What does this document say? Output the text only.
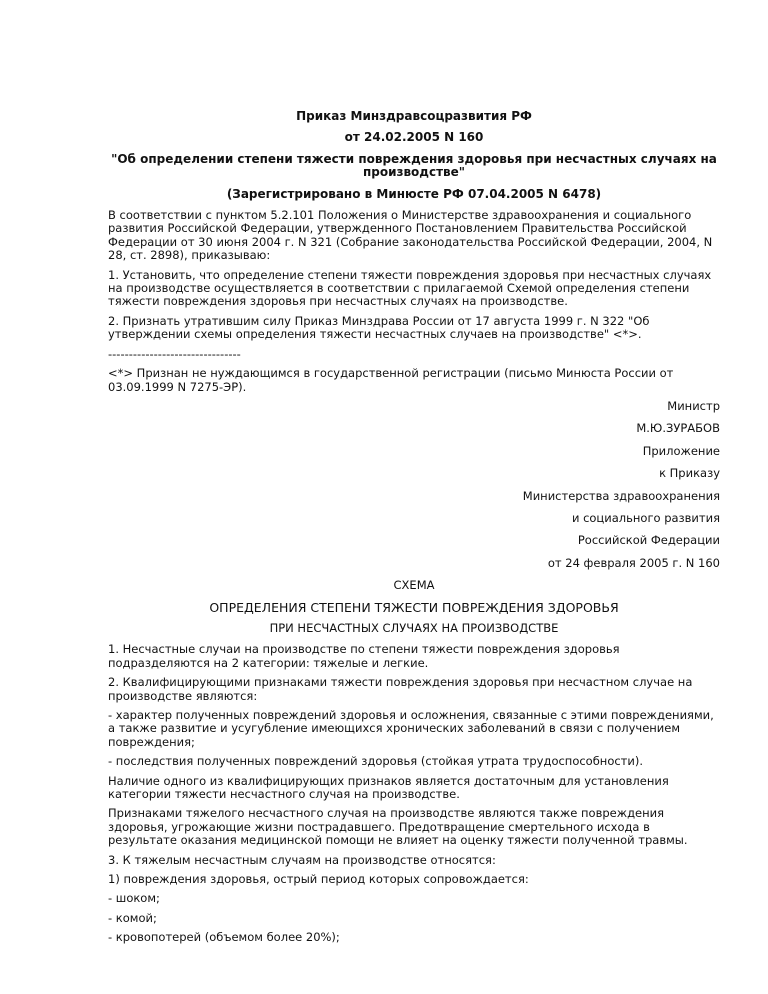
Приказ Минздравсоцразвития РФ

от 24.02.2005 N 160

"Об определении степени тяжести повреждения здоровья при несчастных случаях на производстве"

(Зарегистрировано в Минюсте РФ 07.04.2005 N 6478)

В соответствии с пунктом 5.2.101 Положения о Министерстве здравоохранения и социального развития Российской Федерации, утвержденного Постановлением Правительства Российской Федерации от 30 июня 2004 г. N 321 (Собрание законодательства Российской Федерации, 2004, N 28, ст. 2898), приказываю:

1. Установить, что определение степени тяжести повреждения здоровья при несчастных случаях на производстве осуществляется в соответствии с прилагаемой Схемой определения степени тяжести повреждения здоровья при несчастных случаях на производстве.

2. Признать утратившим силу Приказ Минздрава России от 17 августа 1999 г. N 322 "Об утверждении схемы определения тяжести несчастных случаев на производстве" <*>.

--------------------------------

<*> Признан не нуждающимся в государственной регистрации (письмо Минюста России от 03.09.1999 N 7275-ЭР).

Министр

М.Ю.ЗУРАБОВ

Приложение

к Приказу

Министерства здравоохранения

и социального развития

Российской Федерации

от 24 февраля 2005 г. N 160

СХЕМА

ОПРЕДЕЛЕНИЯ СТЕПЕНИ ТЯЖЕСТИ ПОВРЕЖДЕНИЯ ЗДОРОВЬЯ

ПРИ НЕСЧАСТНЫХ СЛУЧАЯХ НА ПРОИЗВОДСТВЕ

1. Несчастные случаи на производстве по степени тяжести повреждения здоровья подразделяются на 2 категории: тяжелые и легкие.

2. Квалифицирующими признаками тяжести повреждения здоровья при несчастном случае на производстве являются:

- характер полученных повреждений здоровья и осложнения, связанные с этими повреждениями, а также развитие и усугубление имеющихся хронических заболеваний в связи с получением повреждения;

- последствия полученных повреждений здоровья (стойкая утрата трудоспособности).

Наличие одного из квалифицирующих признаков является достаточным для установления категории тяжести несчастного случая на производстве.

Признаками тяжелого несчастного случая на производстве являются также повреждения здоровья, угрожающие жизни пострадавшего. Предотвращение смертельного исхода в результате оказания медицинской помощи не влияет на оценку тяжести полученной травмы.

3. К тяжелым несчастным случаям на производстве относятся:

1) повреждения здоровья, острый период которых сопровождается:

- шоком;

- комой;

- кровопотерей (объемом более 20%);
